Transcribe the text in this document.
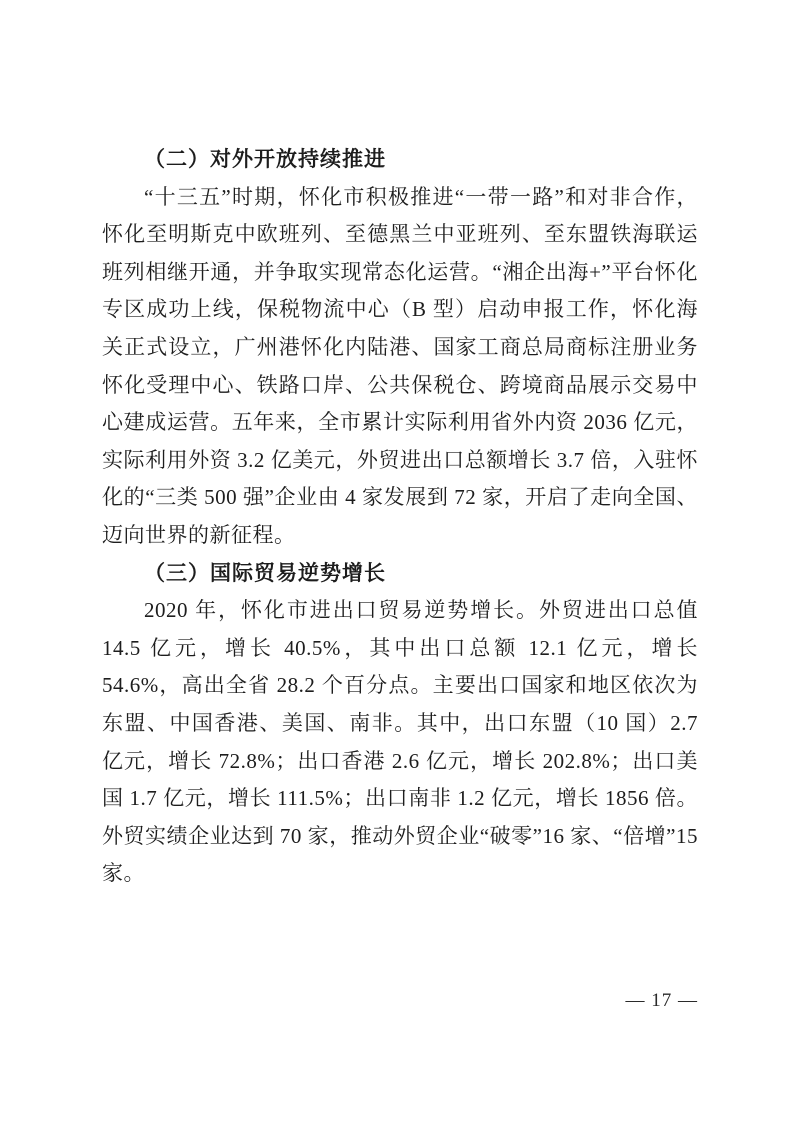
（二）对外开放持续推进

“十三五”时期，怀化市积极推进“一带一路”和对非合作，怀化至明斯克中欧班列、至德黑兰中亚班列、至东盟铁海联运班列相继开通，并争取实现常态化运营。“湘企出海+”平台怀化专区成功上线，保税物流中心（B 型）启动申报工作，怀化海关正式设立，广州港怀化内陆港、国家工商总局商标注册业务怀化受理中心、铁路口岸、公共保税仓、跨境商品展示交易中心建成运营。五年来，全市累计实际利用省外内资 2036 亿元，实际利用外资 3.2 亿美元，外贸进出口总额增长 3.7 倍，入驻怀化的“三类 500 强”企业由 4 家发展到 72 家，开启了走向全国、迈向世界的新征程。

（三）国际贸易逆势增长

2020 年，怀化市进出口贸易逆势增长。外贸进出口总值 14.5 亿元，增长 40.5%，其中出口总额 12.1 亿元，增长 54.6%，高出全省 28.2 个百分点。主要出口国家和地区依次为东盟、中国香港、美国、南非。其中，出口东盟（10 国）2.7 亿元，增长 72.8%；出口香港 2.6 亿元，增长 202.8%；出口美国 1.7 亿元，增长 111.5%；出口南非 1.2 亿元，增长 1856 倍。外贸实绩企业达到 70 家，推动外贸企业“破零”16 家、“倍增”15 家。

— 17 —
